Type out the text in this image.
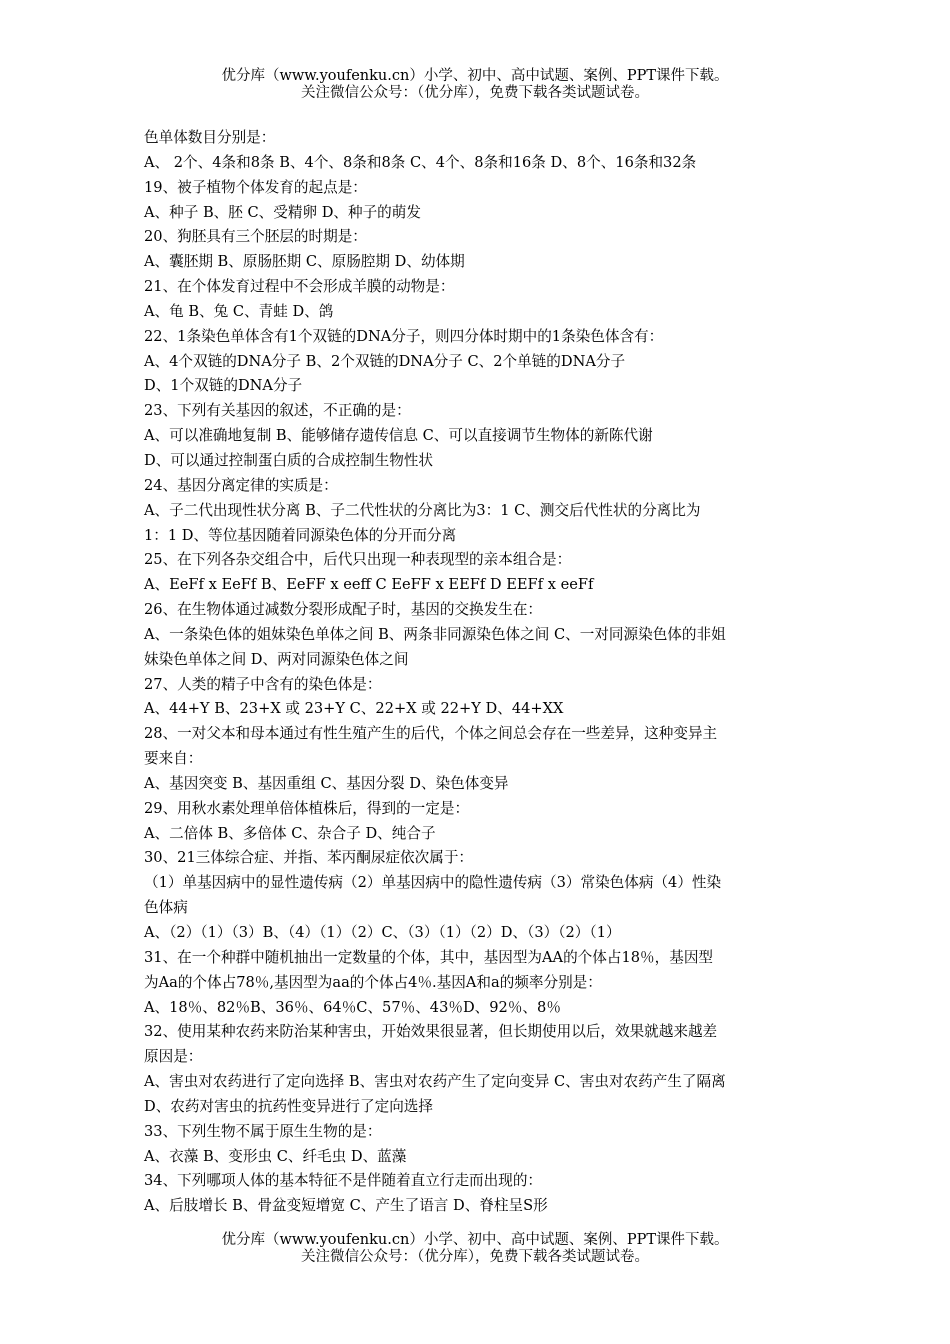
优分库（www.youfenku.cn）小学、初中、高中试题、案例、PPT课件下载。
关注微信公众号：（优分库），免费下载各类试题试卷。
色单体数目分别是：
A、 2个、4条和8条 B、4个、8条和8条 C、4个、8条和16条 D、8个、16条和32条
19、被子植物个体发育的起点是：
A、种子 B、胚 C、受精卵 D、种子的萌发
20、狗胚具有三个胚层的时期是：
A、囊胚期 B、原肠胚期 C、原肠腔期 D、幼体期
21、在个体发育过程中不会形成羊膜的动物是：
A、龟 B、兔 C、青蛙 D、鸽
22、1条染色单体含有1个双链的DNA分子，则四分体时期中的1条染色体含有：
A、4个双链的DNA分子 B、2个双链的DNA分子 C、2个单链的DNA分子
D、1个双链的DNA分子
23、下列有关基因的叙述，不正确的是：
A、可以准确地复制 B、能够储存遗传信息 C、可以直接调节生物体的新陈代谢
D、可以通过控制蛋白质的合成控制生物性状
24、基因分离定律的实质是：
A、子二代出现性状分离 B、子二代性状的分离比为3：1 C、测交后代性状的分离比为
1：1 D、等位基因随着同源染色体的分开而分离
25、在下列各杂交组合中，后代只出现一种表现型的亲本组合是：
A、EeFf x EeFf B、EeFF x eeff C EeFF x EEFf D EEFf x eeFf
26、在生物体通过减数分裂形成配子时，基因的交换发生在：
A、一条染色体的姐妹染色单体之间 B、两条非同源染色体之间 C、一对同源染色体的非姐
妹染色单体之间 D、两对同源染色体之间
27、人类的精子中含有的染色体是：
A、44+Y B、23+X 或 23+Y C、22+X 或 22+Y D、44+XX
28、一对父本和母本通过有性生殖产生的后代，个体之间总会存在一些差异，这种变异主
要来自：
A、基因突变 B、基因重组 C、基因分裂 D、染色体变异
29、用秋水素处理单倍体植株后，得到的一定是：
A、二倍体 B、多倍体 C、杂合子 D、纯合子
30、21三体综合症、并指、苯丙酮尿症依次属于：
（1）单基因病中的显性遗传病（2）单基因病中的隐性遗传病（3）常染色体病（4）性染
色体病
A、（2）（1）（3）B、（4）（1）（2）C、（3）（1）（2）D、（3）（2）（1）
31、在一个种群中随机抽出一定数量的个体，其中，基因型为AA的个体占18％，基因型
为Aa的个体占78％,基因型为aa的个体占4％.基因A和a的频率分别是：
A、18％、82％B、36％、64％C、57％、43％D、92％、8％
32、使用某种农药来防治某种害虫，开始效果很显著，但长期使用以后，效果就越来越差
原因是：
A、害虫对农药进行了定向选择 B、害虫对农药产生了定向变异 C、害虫对农药产生了隔离
D、农药对害虫的抗药性变异进行了定向选择
33、下列生物不属于原生生物的是：
A、衣藻 B、变形虫 C、纤毛虫 D、蓝藻
34、下列哪项人体的基本特征不是伴随着直立行走而出现的：
A、后肢增长 B、骨盆变短增宽 C、产生了语言 D、脊柱呈S形
优分库（www.youfenku.cn）小学、初中、高中试题、案例、PPT课件下载。
关注微信公众号：（优分库），免费下载各类试题试卷。
